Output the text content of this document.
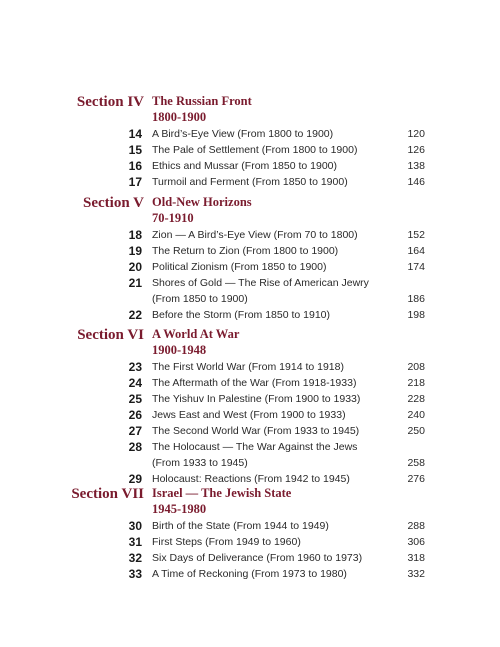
Section IV The Russian Front
1800-1900
14 A Bird’s-Eye View (From 1800 to 1900)	120
15 The Pale of Settlement (From 1800 to 1900)	126
16 Ethics and Mussar (From 1850 to 1900)	138
17 Turmoil and Ferment (From 1850 to 1900)	146
Section V Old-New Horizons
70-1910
18 Zion — A Bird’s-Eye View (From 70 to 1800)	152
19 The Return to Zion (From 1800 to 1900)	164
20 Political Zionism (From 1850 to 1900)	174
21 Shores of Gold — The Rise of American Jewry
(From 1850 to 1900)	186
22 Before the Storm (From 1850 to 1910)	198
Section VI A World At War
1900-1948
23 The First World War (From 1914 to 1918)	208
24 The Aftermath of the War (From 1918-1933)	218
25 The Yishuv In Palestine (From 1900 to 1933)	228
26 Jews East and West (From 1900 to 1933)	240
27 The Second World War (From 1933 to 1945)	250
28 The Holocaust — The War Against the Jews
(From 1933 to 1945)	258
29 Holocaust: Reactions (From 1942 to 1945)	276
Section VII Israel — The Jewish State
1945-1980
30 Birth of the State (From 1944 to 1949)	288
31 First Steps (From 1949 to 1960)	306
32 Six Days of Deliverance (From 1960 to 1973)	318
33 A Time of Reckoning (From 1973 to 1980)	332
